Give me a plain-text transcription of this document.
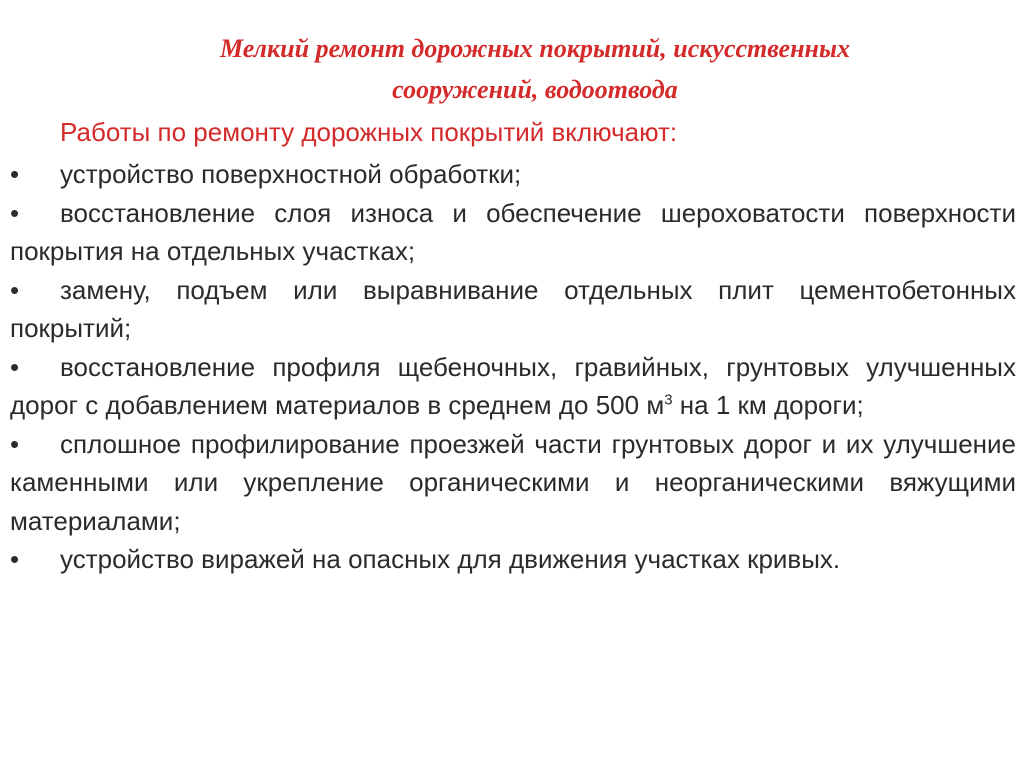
Мелкий ремонт дорожных покрытий, искусственных
сооружений, водоотвода

Работы по ремонту дорожных покрытий включают:

• устройство поверхностной обработки;
• восстановление слоя износа и обеспечение шероховатости поверхности покрытия на отдельных участках;
• замену, подъем или выравнивание отдельных плит цементобетонных покрытий;
• восстановление профиля щебеночных, гравийных, грунтовых улучшенных дорог с добавлением материалов в среднем до 500 $м^3$ на 1 км дороги;
• сплошное профилирование проезжей части грунтовых дорог и их улучшение каменными или укрепление органическими и неорганическими вяжущими материалами;
• устройство виражей на опасных для движения участках кривых.
